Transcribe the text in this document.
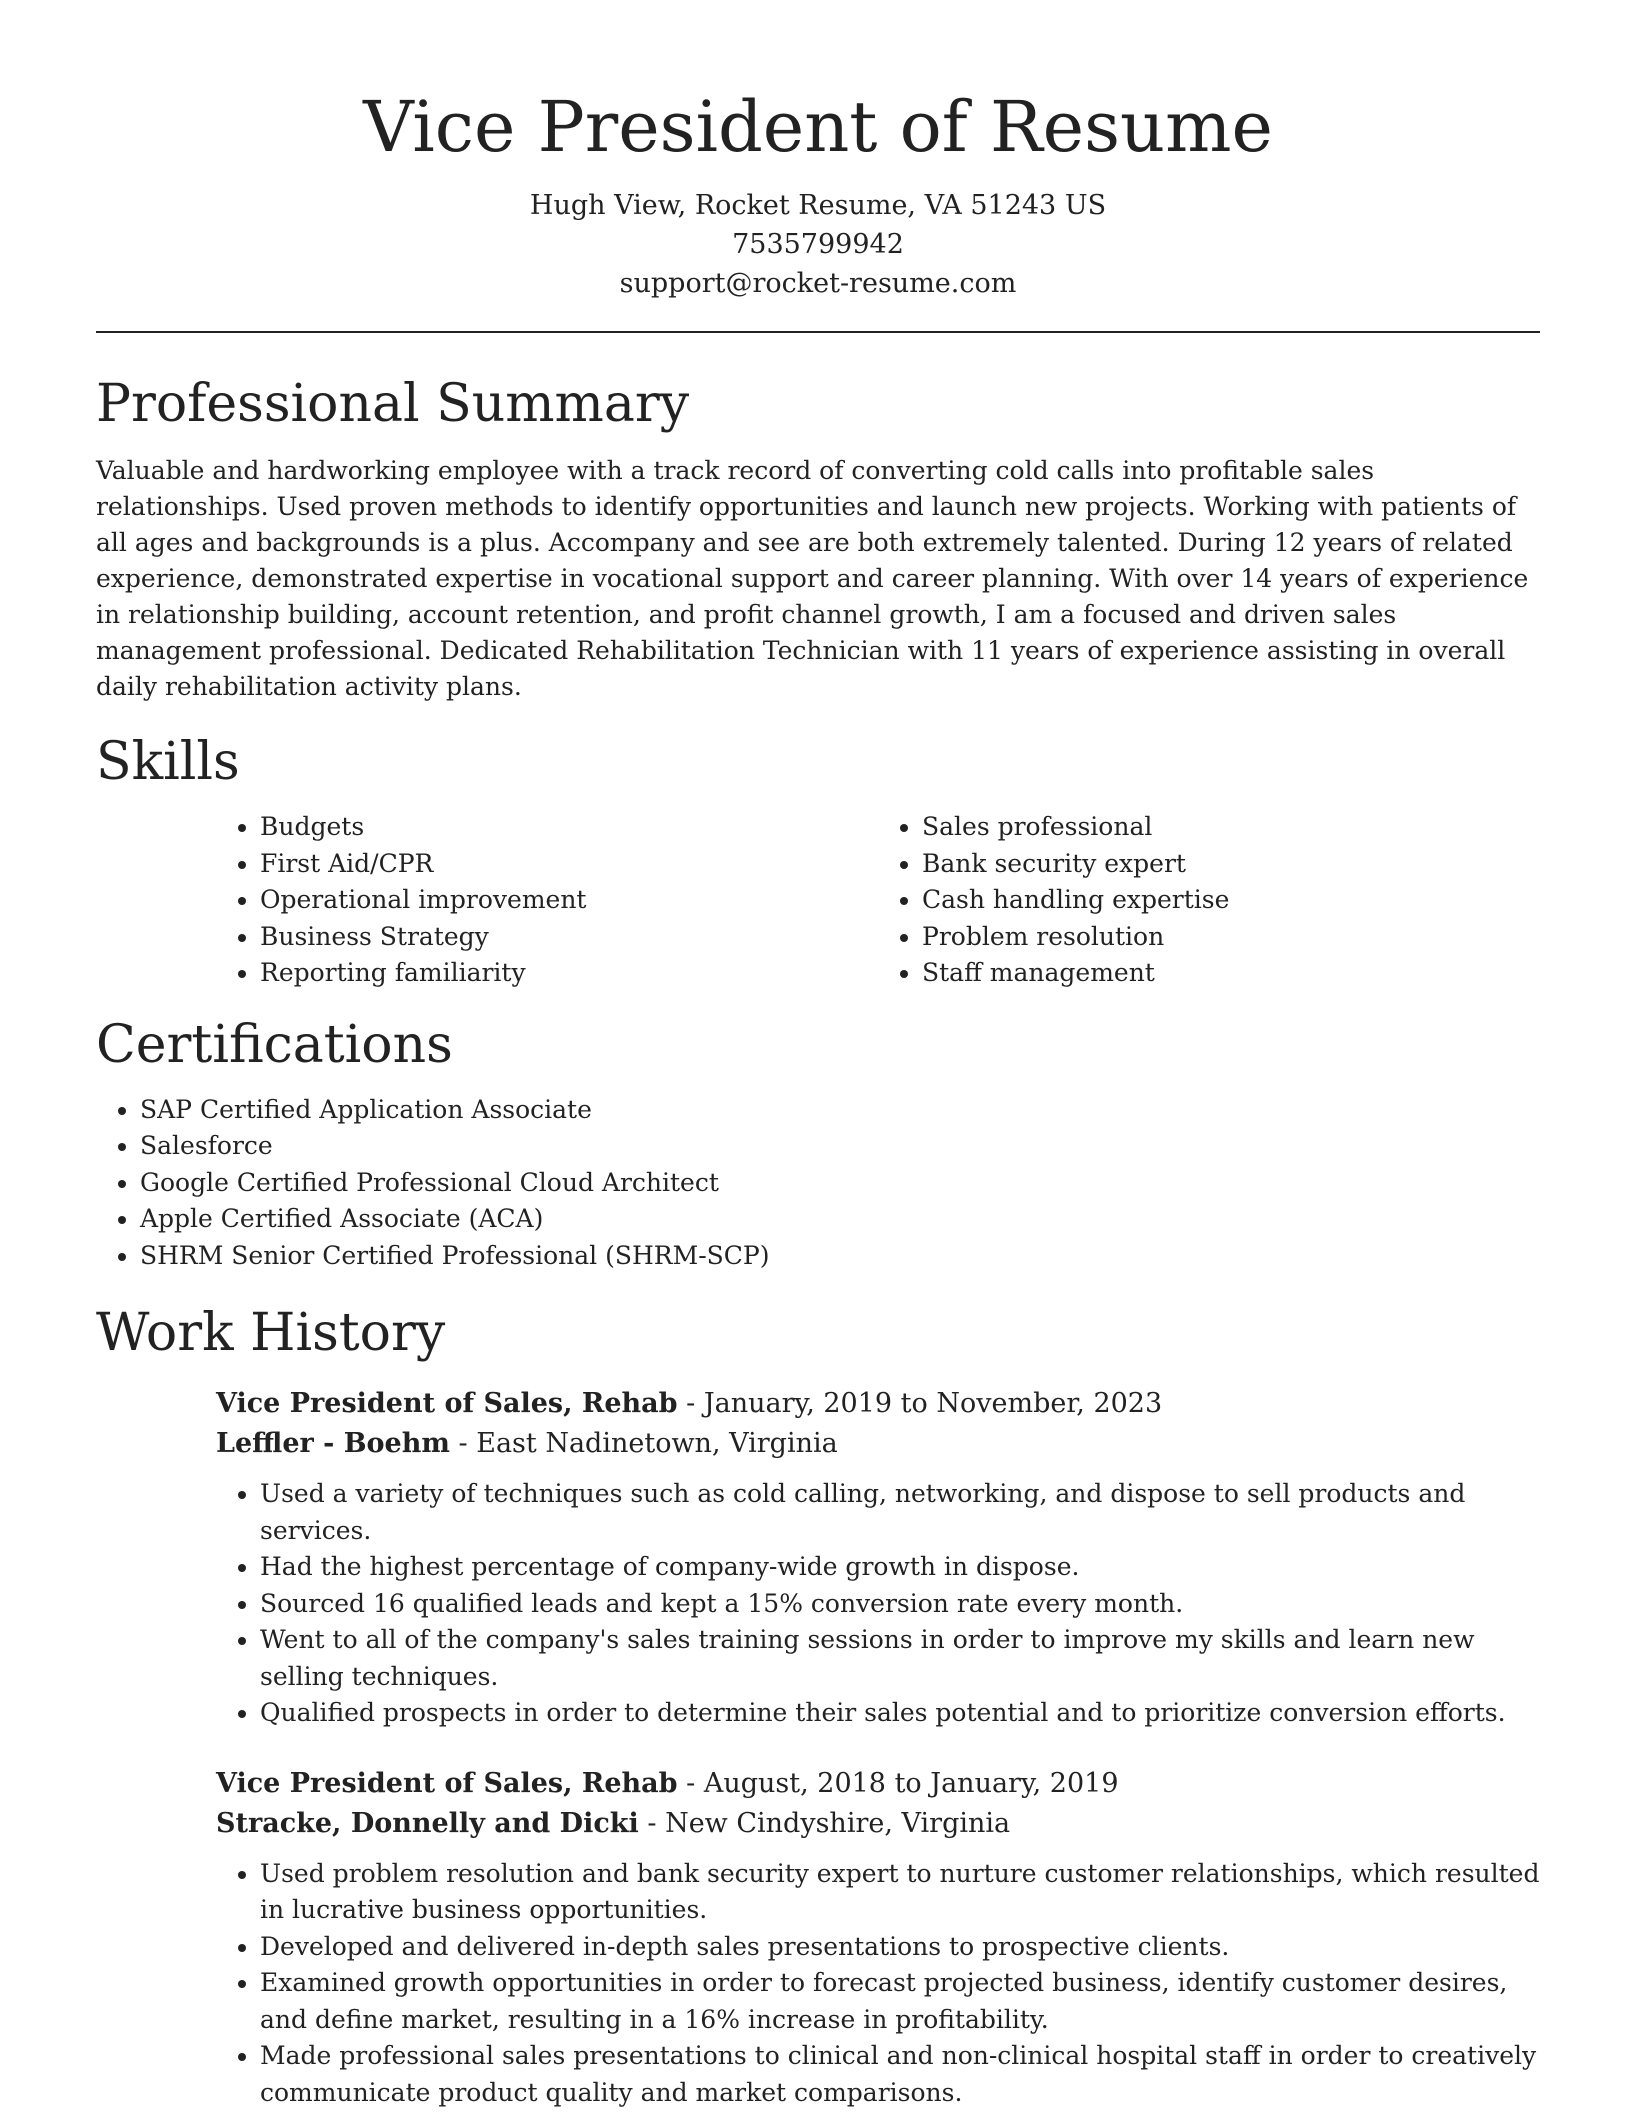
Vice President of Resume
Hugh View, Rocket Resume, VA 51243 US
7535799942
support@rocket-resume.com
Professional Summary

Valuable and hardworking employee with a track record of converting cold calls into profitable sales relationships. Used proven methods to identify opportunities and launch new projects. Working with patients of all ages and backgrounds is a plus. Accompany and see are both extremely talented. During 12 years of related experience, demonstrated expertise in vocational support and career planning. With over 14 years of experience in relationship building, account retention, and profit channel growth, I am a focused and driven sales management professional. Dedicated Rehabilitation Technician with 11 years of experience assisting in overall daily rehabilitation activity plans.

Skills
• Budgets
• First Aid/CPR
• Operational improvement
• Business Strategy
• Reporting familiarity
• Sales professional
• Bank security expert
• Cash handling expertise
• Problem resolution
• Staff management
Certifications
• SAP Certified Application Associate
• Salesforce
• Google Certified Professional Cloud Architect
• Apple Certified Associate (ACA)
• SHRM Senior Certified Professional (SHRM-SCP)
Work History
Vice President of Sales, Rehab - January, 2019 to November, 2023
Leffler - Boehm - East Nadinetown, Virginia
• Used a variety of techniques such as cold calling, networking, and dispose to sell products and services.
• Had the highest percentage of company-wide growth in dispose.
• Sourced 16 qualified leads and kept a 15% conversion rate every month.
• Went to all of the company's sales training sessions in order to improve my skills and learn new selling techniques.
• Qualified prospects in order to determine their sales potential and to prioritize conversion efforts.
Vice President of Sales, Rehab - August, 2018 to January, 2019
Stracke, Donnelly and Dicki - New Cindyshire, Virginia
• Used problem resolution and bank security expert to nurture customer relationships, which resulted in lucrative business opportunities.
• Developed and delivered in-depth sales presentations to prospective clients.
• Examined growth opportunities in order to forecast projected business, identify customer desires, and define market, resulting in a 16% increase in profitability.
• Made professional sales presentations to clinical and non-clinical hospital staff in order to creatively communicate product quality and market comparisons.
